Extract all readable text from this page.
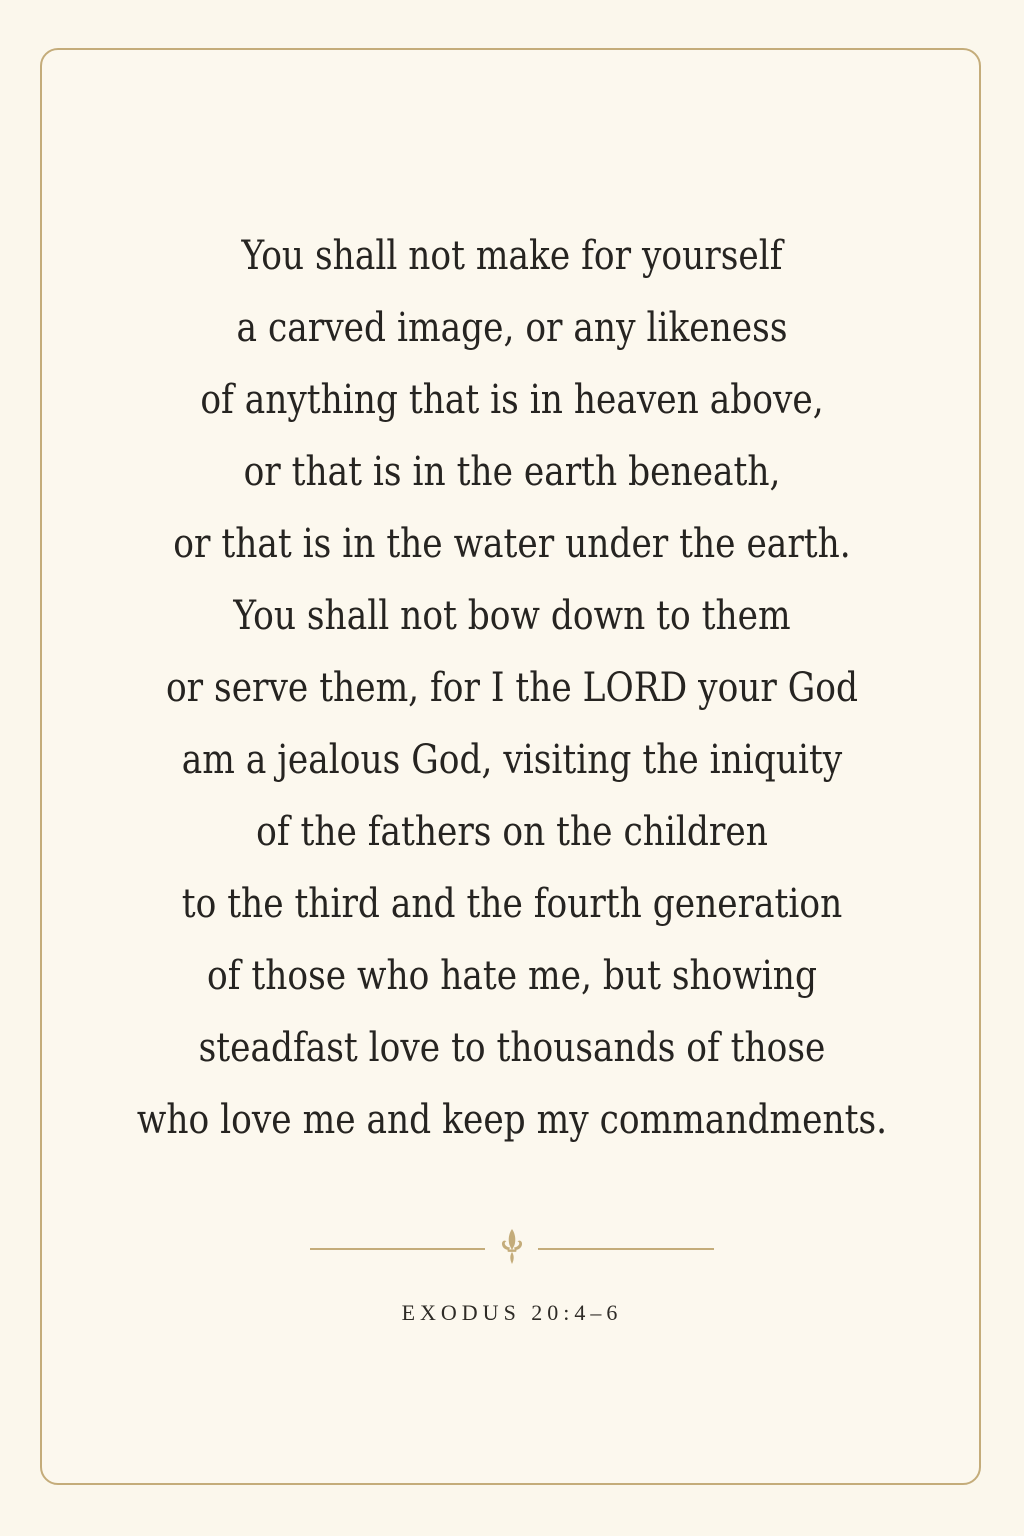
You shall not make for yourself
a carved image, or any likeness
of anything that is in heaven above,
or that is in the earth beneath,
or that is in the water under the earth.
You shall not bow down to them
or serve them, for I the LORD your God
am a jealous God, visiting the iniquity
of the fathers on the children
to the third and the fourth generation
of those who hate me, but showing
steadfast love to thousands of those
who love me and keep my commandments.
EXODUS 20:4–6
